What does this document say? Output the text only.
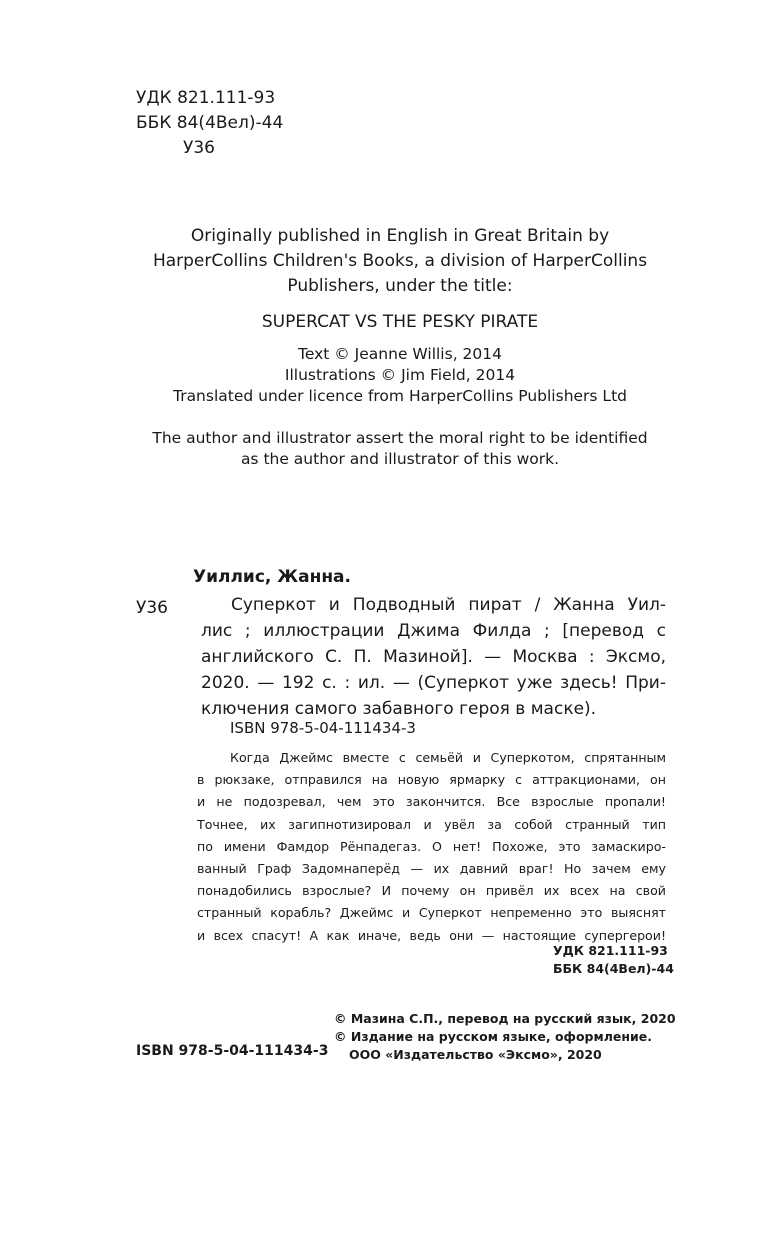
УДК 821.111-93
ББК 84(4Вел)-44
У36
Originally published in English in Great Britain by
HarperCollins Children's Books, a division of HarperCollins
Publishers, under the title:
SUPERCAT VS THE PESKY PIRATE
Text © Jeanne Willis, 2014
Illustrations © Jim Field, 2014
Translated under licence from HarperCollins Publishers Ltd
The author and illustrator assert the moral right to be identified
as the author and illustrator of this work.
Уиллис, Жанна.
У36	Суперкот и Подводный пират / Жанна Уил-
лис ; иллюстрации Джима Филда ; [перевод с
английского С. П. Мазиной]. — Москва : Эксмо,
2020. — 192 с. : ил. — (Суперкот уже здесь! При-
ключения самого забавного героя в маске).
ISBN 978-5-04-111434-3
Когда Джеймс вместе с семьёй и Суперкотом, спрятанным
в рюкзаке, отправился на новую ярмарку с аттракционами, он
и не подозревал, чем это закончится. Все взрослые пропали!
Точнее, их загипнотизировал и увёл за собой странный тип
по имени Фамдор Рёнпадегаз. О нет! Похоже, это замаскиро-
ванный Граф Задомнаперёд — их давний враг! Но зачем ему
понадобились взрослые? И почему он привёл их всех на свой
странный корабль? Джеймс и Суперкот непременно это выяснят
и всех спасут! А как иначе, ведь они — настоящие супергерои!
УДК 821.111-93
ББК 84(4Вел)-44
© Мазина С.П., перевод на русский язык, 2020
© Издание на русском языке, оформление.
ООО «Издательство «Эксмо», 2020
ISBN 978-5-04-111434-3
